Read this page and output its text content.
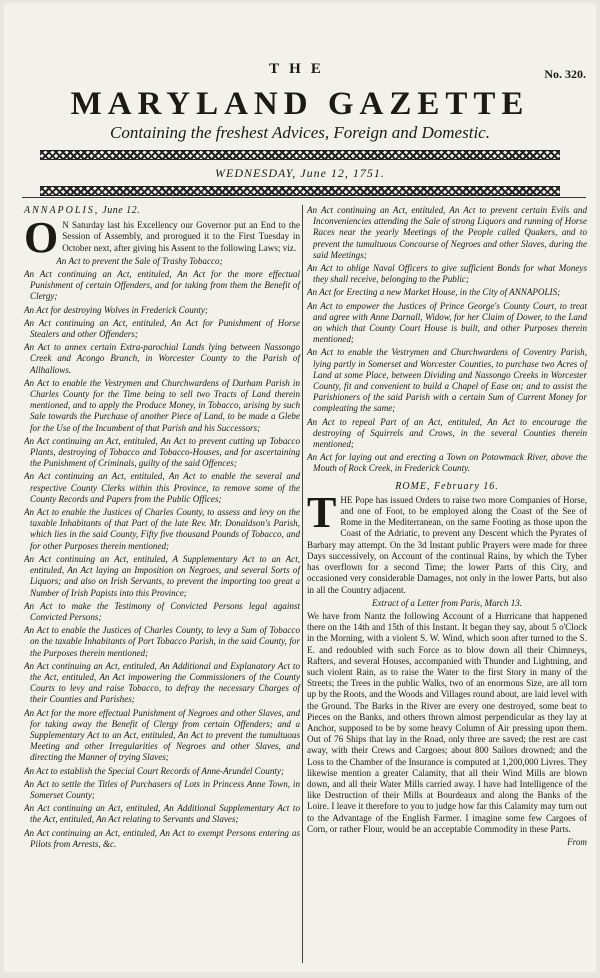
THE	No. 320.
MARYLAND GAZETTE
Containing the freshest Advices, Foreign and Domestic.
WEDNESDAY, June 12, 1751.
ANNAPOLIS, June 12.

O N Saturday last his Excellency our Governor put an End to the Session of Assembly, and prorogued it to the First Tuesday in October next, after giving his Assent to the following Laws; viz.

An Act to prevent the Sale of Trashy Tobacco;

An Act continuing an Act, entituled, An Act for the more effectual Punishment of certain Offenders, and for taking from them the Benefit of Clergy;

An Act for destroying Wolves in Frederick County;

An Act continuing an Act, entituled, An Act for Punishment of Horse Stealers and other Offenders;

An Act to annex certain Extra-parochial Lands lying between Nassongo Creek and Acongo Branch, in Worcester County to the Parish of Allhallows.

An Act to enable the Vestrymen and Churchwardens of Durham Parish in Charles County for the Time being to sell two Tracts of Land therein mentioned, and to apply the Produce Money, in Tobacco, arising by such Sale towards the Purchase of another Piece of Land, to be made a Glebe for the Use of the Incumbent of that Parish and his Successors;

An Act continuing an Act, entituled, An Act to prevent cutting up Tobacco Plants, destroying of Tobacco and Tobacco-Houses, and for ascertaining the Punishment of Criminals, guilty of the said Offences;

An Act continuing an Act, entituled, An Act to enable the several and respective County Clerks within this Province, to remove some of the County Records and Papers from the Public Offices;

An Act to enable the Justices of Charles County, to assess and levy on the taxable Inhabitants of that Part of the late Rev. Mr. Donaldson's Parish, which lies in the said County, Fifty five thousand Pounds of Tobacco, and for other Purposes therein mentioned;

An Act continuing an Act, entituled, A Supplementary Act to an Act, entituled, An Act laying an Imposition on Negroes, and several Sorts of Liquors; and also on Irish Servants, to prevent the importing too great a Number of Irish Papists into this Province;

An Act to make the Testimony of Convicted Persons legal against Convicted Persons;

An Act to enable the Justices of Charles County, to levy a Sum of Tobacco on the taxable Inhabitants of Port Tobacco Parish, in the said County, for the Purposes therein mentioned;

An Act continuing an Act, entituled, An Additional and Explanatory Act to the Act, entituled, An Act impowering the Commissioners of the County Courts to levy and raise Tobacco, to defray the necessary Charges of their Counties and Parishes;

An Act for the more effectual Punishment of Negroes and other Slaves, and for taking away the Benefit of Clergy from certain Offenders; and a Supplementary Act to an Act, entituled, An Act to prevent the tumultuous Meeting and other Irregularities of Negroes and other Slaves, and directing the Manner of trying Slaves;

An Act to establish the Special Court Records of Anne-Arundel County;

An Act to settle the Titles of Purchasers of Lots in Princess Anne Town, in Somerset County;

An Act continuing an Act, entituled, An Additional Supplementary Act to the Act, entituled, An Act relating to Servants and Slaves;

An Act continuing an Act, entituled, An Act to exempt Persons entering as Pilots from Arrests, &c.

An Act continuing an Act, entituled, An Act to prevent certain Evils and Inconveniencies attending the Sale of strong Liquors and running of Horse Races near the yearly Meetings of the People called Quakers, and to prevent the tumultuous Concourse of Negroes and other Slaves, during the said Meetings;

An Act to oblige Naval Officers to give sufficient Bonds for what Moneys they shall receive, belonging to the Public;

An Act for Erecting a new Market House, in the City of ANNAPOLIS;

An Act to empower the Justices of Prince George's County Court, to treat and agree with Anne Darnall, Widow, for her Claim of Dower, to the Land on which that County Court House is built, and other Purposes therein mentioned;

An Act to enable the Vestrymen and Churchwardens of Coventry Parish, lying partly in Somerset and Worcester Counties, to purchase two Acres of Land at some Place, between Dividing and Nassongo Creeks in Worcester County, fit and convenient to build a Chapel of Ease on; and to assist the Parishioners of the said Parish with a certain Sum of Current Money for compleating the same;

An Act to repeal Part of an Act, entituled, An Act to encourage the destroying of Squirrels and Crows, in the several Counties therein mentioned;

An Act for laying out and erecting a Town on Potowmack River, above the Mouth of Rock Creek, in Frederick County.

ROME, February 16.

T HE Pope has issued Orders to raise two more Companies of Horse, and one of Foot, to be employed along the Coast of the See of Rome in the Mediterranean, on the same Footing as those upon the Coast of the Adriatic, to prevent any Descent which the Pyrates of Barbary may attempt. On the 3d Instant public Prayers were made for three Days successively, on Account of the continual Rains, by which the Tyber has overflown for a second Time; the lower Parts of this City, and occasioned very considerable Damages, not only in the lower Parts, but also in all the Country adjacent.

Extract of a Letter from Paris, March 13.

We have from Nantz the following Account of a Hurricane that happened there on the 14th and 15th of this Instant. It began they say, about 5 o'Clock in the Morning, with a violent S. W. Wind, which soon after turned to the S. E. and redoubled with such Force as to blow down all their Chimneys, Rafters, and several Houses, accompanied with Thunder and Lightning, and such violent Rain, as to raise the Water to the first Story in many of the Streets; the Trees in the public Walks, two of an enormous Size, are all torn up by the Roots, and the Woods and Villages round about, are laid level with the Ground. The Barks in the River are every one destroyed, some beat to Pieces on the Banks, and others thrown almost perpendicular as they lay at Anchor, supposed to be by some heavy Column of Air pressing upon them. Out of 76 Ships that lay in the Road, only three are saved; the rest are cast away, with their Crews and Cargoes; about 800 Sailors drowned; and the Loss to the Chamber of the Insurance is computed at 1,200,000 Livres. They likewise mention a greater Calamity, that all their Wind Mills are blown down, and all their Water Mills carried away. I have had Intelligence of the like Destruction of their Mills at Bourdeaux and along the Banks of the Loire. I leave it therefore to you to judge how far this Calamity may turn out to the Advantage of the English Farmer. I imagine some few Cargoes of Corn, or rather Flour, would be an acceptable Commodity in these Parts.

From
